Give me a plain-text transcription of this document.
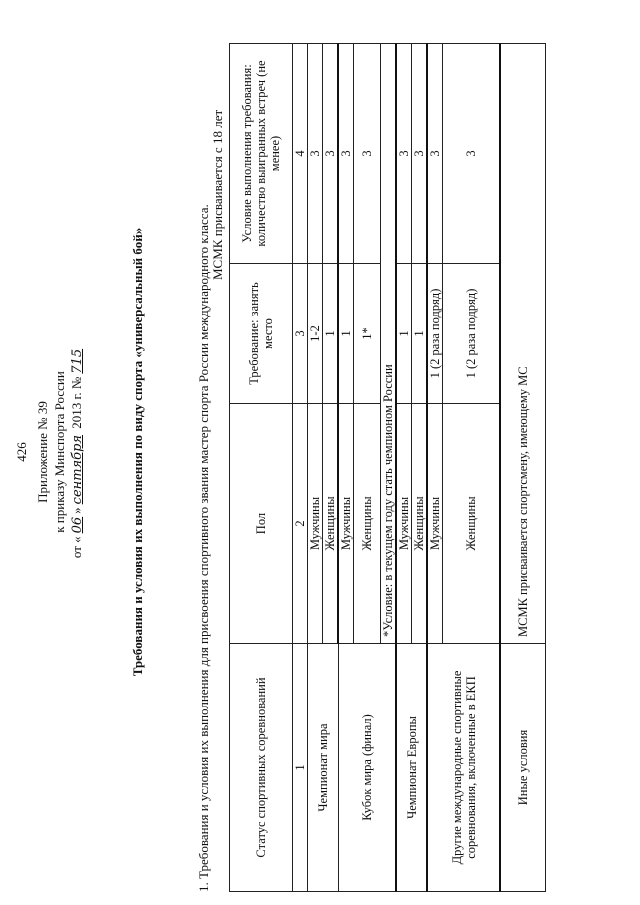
426 Приложение № 39 к приказу Минспорта России
от «06»сентября 2013 г. №715	Требования и условия их выполнения по виду спорта «универсальный бой»	1. Требования и условия их выполнения для присвоения спортивного звания мастер спорта России международного класса.
МСМК присваивается с 18 лет
Статус спортивных соревнований	Пол	Требование: занять место	Условие выполнения требования: количество выигранных встреч (не менее)
1	2	3	4
Чемпионат мира	Мужчины	1-2	3
	Женщины	1	3
Кубок мира (финал)	Мужчины	1	3
	Женщины	1*	3
	*Условие: в текущем году стать чемпионом России		
Чемпионат Европы	Мужчины	1	3
	Женщины	1	3
Другие международные спортивные соревнования, включенные в ЕКП	Мужчины	1 (2 раза подряд)	3
	Женщины	1 (2 раза подряд)	3
Иные условия	МСМК присваивается спортсмену, имеющему МС		
